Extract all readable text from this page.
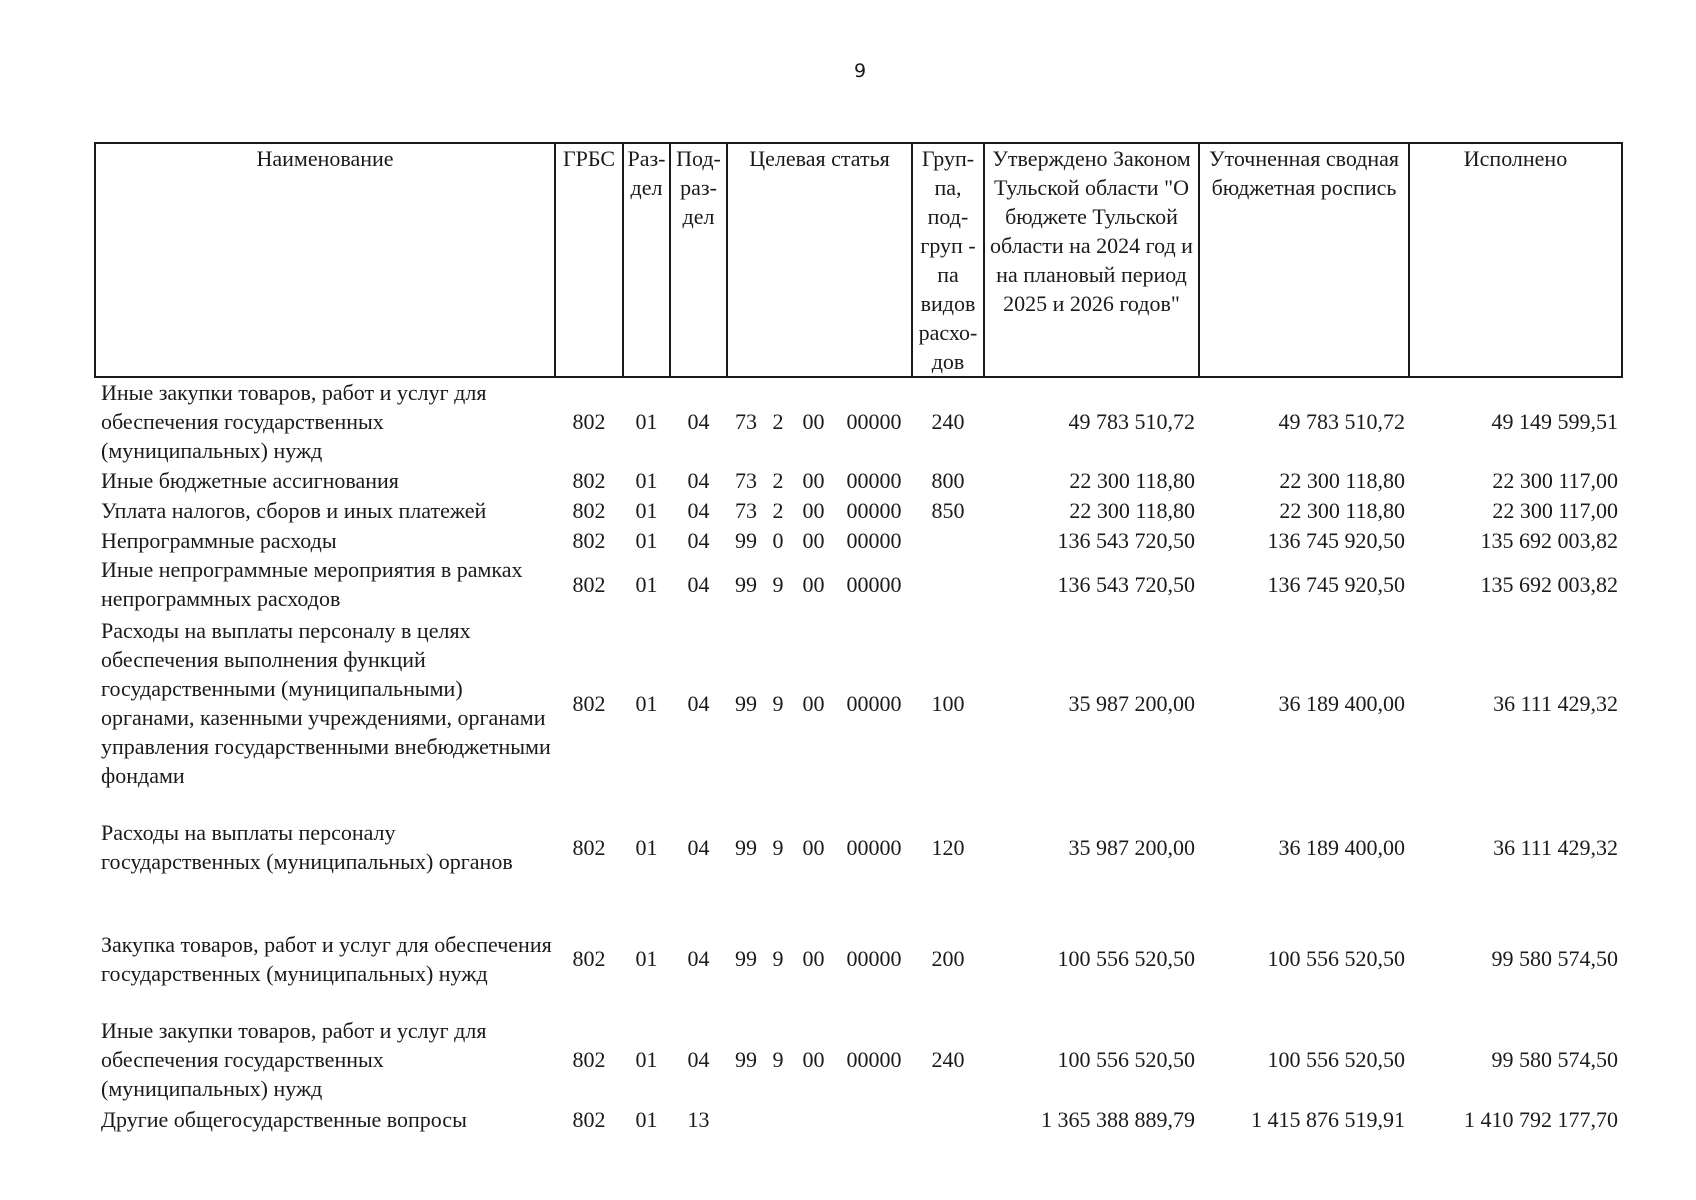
9
Наименование	ГРБС	Раз-дел	Под-раз-дел	Целевая статья				Груп-па, под-груп - па видов расхо-дов	Утверждено Законом Тульской области "О бюджете Тульской области на 2024 год и на плановый период 2025 и 2026 годов"	Уточненная сводная бюджетная роспись	Исполнено
Иные закупки товаров, работ и услуг для обеспечения государственных (муниципальных) нужд	802	01	04	73	2	00	00000	240	49 783 510,72	49 783 510,72	49 149 599,51
Иные бюджетные ассигнования	802	01	04	73	2	00	00000	800	22 300 118,80	22 300 118,80	22 300 117,00
Уплата налогов, сборов и иных платежей	802	01	04	73	2	00	00000	850	22 300 118,80	22 300 118,80	22 300 117,00
Непрограммные расходы	802	01	04	99	0	00	00000		136 543 720,50	136 745 920,50	135 692 003,82
Иные непрограммные мероприятия в рамках непрограммных расходов	802	01	04	99	9	00	00000		136 543 720,50	136 745 920,50	135 692 003,82
Расходы на выплаты персоналу в целях обеспечения выполнения функций государственными (муниципальными) органами, казенными учреждениями, органами управления государственными внебюджетными фондами	802	01	04	99	9	00	00000	100	35 987 200,00	36 189 400,00	36 111 429,32
Расходы на выплаты персоналу государственных (муниципальных) органов	802	01	04	99	9	00	00000	120	35 987 200,00	36 189 400,00	36 111 429,32
Закупка товаров, работ и услуг для обеспечения государственных (муниципальных) нужд	802	01	04	99	9	00	00000	200	100 556 520,50	100 556 520,50	99 580 574,50
Иные закупки товаров, работ и услуг для обеспечения государственных (муниципальных) нужд	802	01	04	99	9	00	00000	240	100 556 520,50	100 556 520,50	99 580 574,50
Другие общегосударственные вопросы	802	01	13						1 365 388 889,79	1 415 876 519,91	1 410 792 177,70
